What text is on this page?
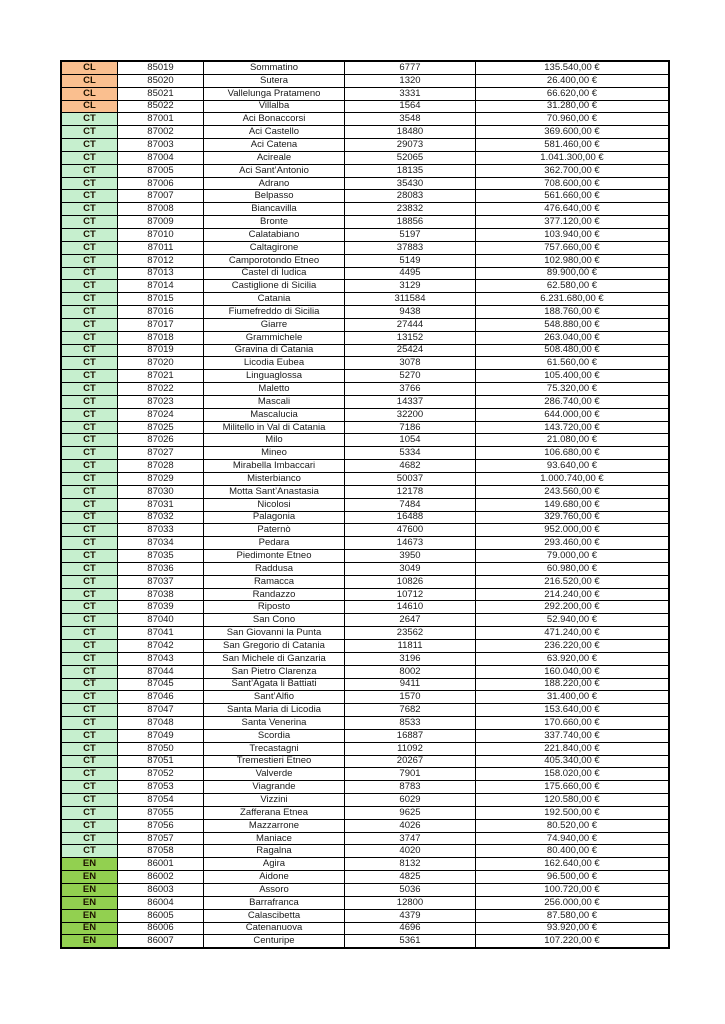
CL	85019	Sommatino	6777	135.540,00 €
CL	85020	Sutera	1320	26.400,00 €
CL	85021	Vallelunga Pratameno	3331	66.620,00 €
CL	85022	Villalba	1564	31.280,00 €
CT	87001	Aci Bonaccorsi	3548	70.960,00 €
CT	87002	Aci Castello	18480	369.600,00 €
CT	87003	Aci Catena	29073	581.460,00 €
CT	87004	Acireale	52065	1.041.300,00 €
CT	87005	Aci Sant’Antonio	18135	362.700,00 €
CT	87006	Adrano	35430	708.600,00 €
CT	87007	Belpasso	28083	561.660,00 €
CT	87008	Biancavilla	23832	476.640,00 €
CT	87009	Bronte	18856	377.120,00 €
CT	87010	Calatabiano	5197	103.940,00 €
CT	87011	Caltagirone	37883	757.660,00 €
CT	87012	Camporotondo Etneo	5149	102.980,00 €
CT	87013	Castel di Iudica	4495	89.900,00 €
CT	87014	Castiglione di Sicilia	3129	62.580,00 €
CT	87015	Catania	311584	6.231.680,00 €
CT	87016	Fiumefreddo di Sicilia	9438	188.760,00 €
CT	87017	Giarre	27444	548.880,00 €
CT	87018	Grammichele	13152	263.040,00 €
CT	87019	Gravina di Catania	25424	508.480,00 €
CT	87020	Licodia Eubea	3078	61.560,00 €
CT	87021	Linguaglossa	5270	105.400,00 €
CT	87022	Maletto	3766	75.320,00 €
CT	87023	Mascali	14337	286.740,00 €
CT	87024	Mascalucia	32200	644.000,00 €
CT	87025	Militello in Val di Catania	7186	143.720,00 €
CT	87026	Milo	1054	21.080,00 €
CT	87027	Mineo	5334	106.680,00 €
CT	87028	Mirabella Imbaccari	4682	93.640,00 €
CT	87029	Misterbianco	50037	1.000.740,00 €
CT	87030	Motta Sant’Anastasia	12178	243.560,00 €
CT	87031	Nicolosi	7484	149.680,00 €
CT	87032	Palagonia	16488	329.760,00 €
CT	87033	Paternò	47600	952.000,00 €
CT	87034	Pedara	14673	293.460,00 €
CT	87035	Piedimonte Etneo	3950	79.000,00 €
CT	87036	Raddusa	3049	60.980,00 €
CT	87037	Ramacca	10826	216.520,00 €
CT	87038	Randazzo	10712	214.240,00 €
CT	87039	Riposto	14610	292.200,00 €
CT	87040	San Cono	2647	52.940,00 €
CT	87041	San Giovanni la Punta	23562	471.240,00 €
CT	87042	San Gregorio di Catania	11811	236.220,00 €
CT	87043	San Michele di Ganzaria	3196	63.920,00 €
CT	87044	San Pietro Clarenza	8002	160.040,00 €
CT	87045	Sant’Agata li Battiati	9411	188.220,00 €
CT	87046	Sant’Alfio	1570	31.400,00 €
CT	87047	Santa Maria di Licodia	7682	153.640,00 €
CT	87048	Santa Venerina	8533	170.660,00 €
CT	87049	Scordia	16887	337.740,00 €
CT	87050	Trecastagni	11092	221.840,00 €
CT	87051	Tremestieri Etneo	20267	405.340,00 €
CT	87052	Valverde	7901	158.020,00 €
CT	87053	Viagrande	8783	175.660,00 €
CT	87054	Vizzini	6029	120.580,00 €
CT	87055	Zafferana Etnea	9625	192.500,00 €
CT	87056	Mazzarrone	4026	80.520,00 €
CT	87057	Maniace	3747	74.940,00 €
CT	87058	Ragalna	4020	80.400,00 €
EN	86001	Agira	8132	162.640,00 €
EN	86002	Aidone	4825	96.500,00 €
EN	86003	Assoro	5036	100.720,00 €
EN	86004	Barrafranca	12800	256.000,00 €
EN	86005	Calascibetta	4379	87.580,00 €
EN	86006	Catenanuova	4696	93.920,00 €
EN	86007	Centuripe	5361	107.220,00 €
